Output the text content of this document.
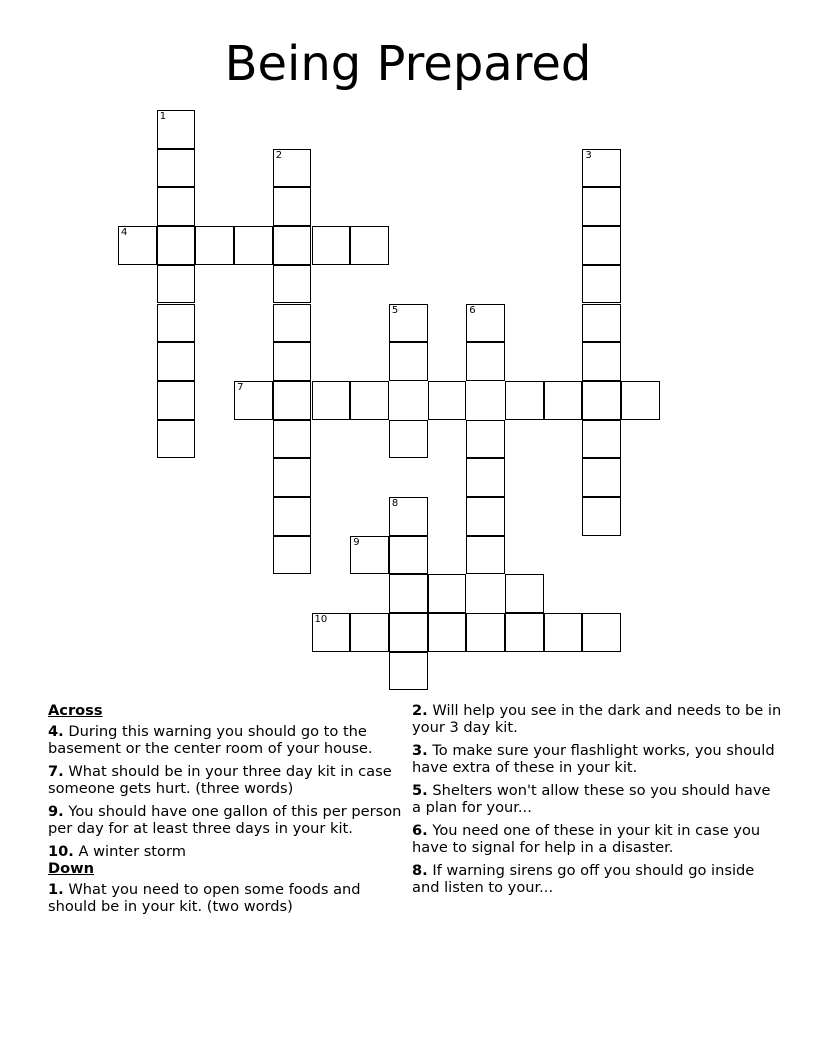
Being Prepared
1
4
2	3
5	6
7
8
9
10
Across
4. During this warning you should go to the basement or the center room of your house.
7. What should be in your three day kit in case someone gets hurt. (three words)
9. You should have one gallon of this per person per day for at least three days in your kit.
10. A winter storm
Down
1. What you need to open some foods and should be in your kit. (two words)
2. Will help you see in the dark and needs to be in your 3 day kit.
3. To make sure your flashlight works, you should have extra of these in your kit.
5. Shelters won't allow these so you should have a plan for your...
6. You need one of these in your kit in case you have to signal for help in a disaster.
8. If warning sirens go off you should go inside and listen to your...
